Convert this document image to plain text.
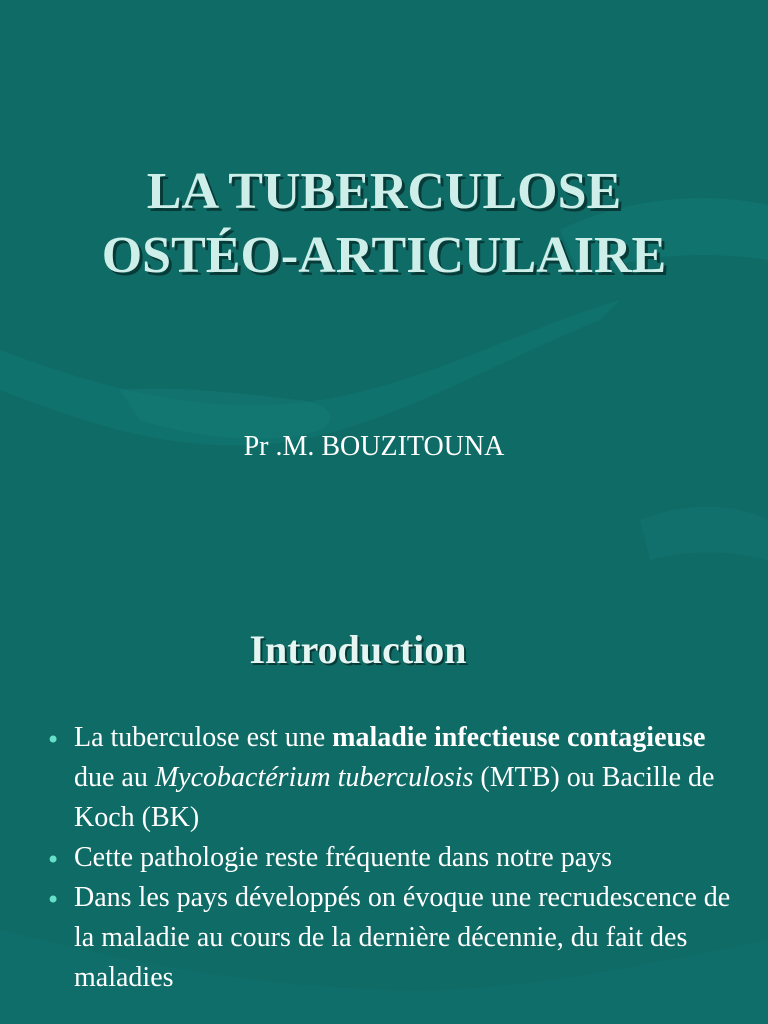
LA TUBERCULOSE
OSTÉO-ARTICULAIRE
Pr .M. BOUZITOUNA
Introduction
• La tuberculose est une maladie infectieuse contagieuse due au Mycobactérium tuberculosis (MTB) ou Bacille de Koch (BK)
• Cette pathologie reste fréquente dans notre pays
• Dans les pays développés on évoque une recrudescence de la maladie au cours de la dernière décennie, du fait des maladies
